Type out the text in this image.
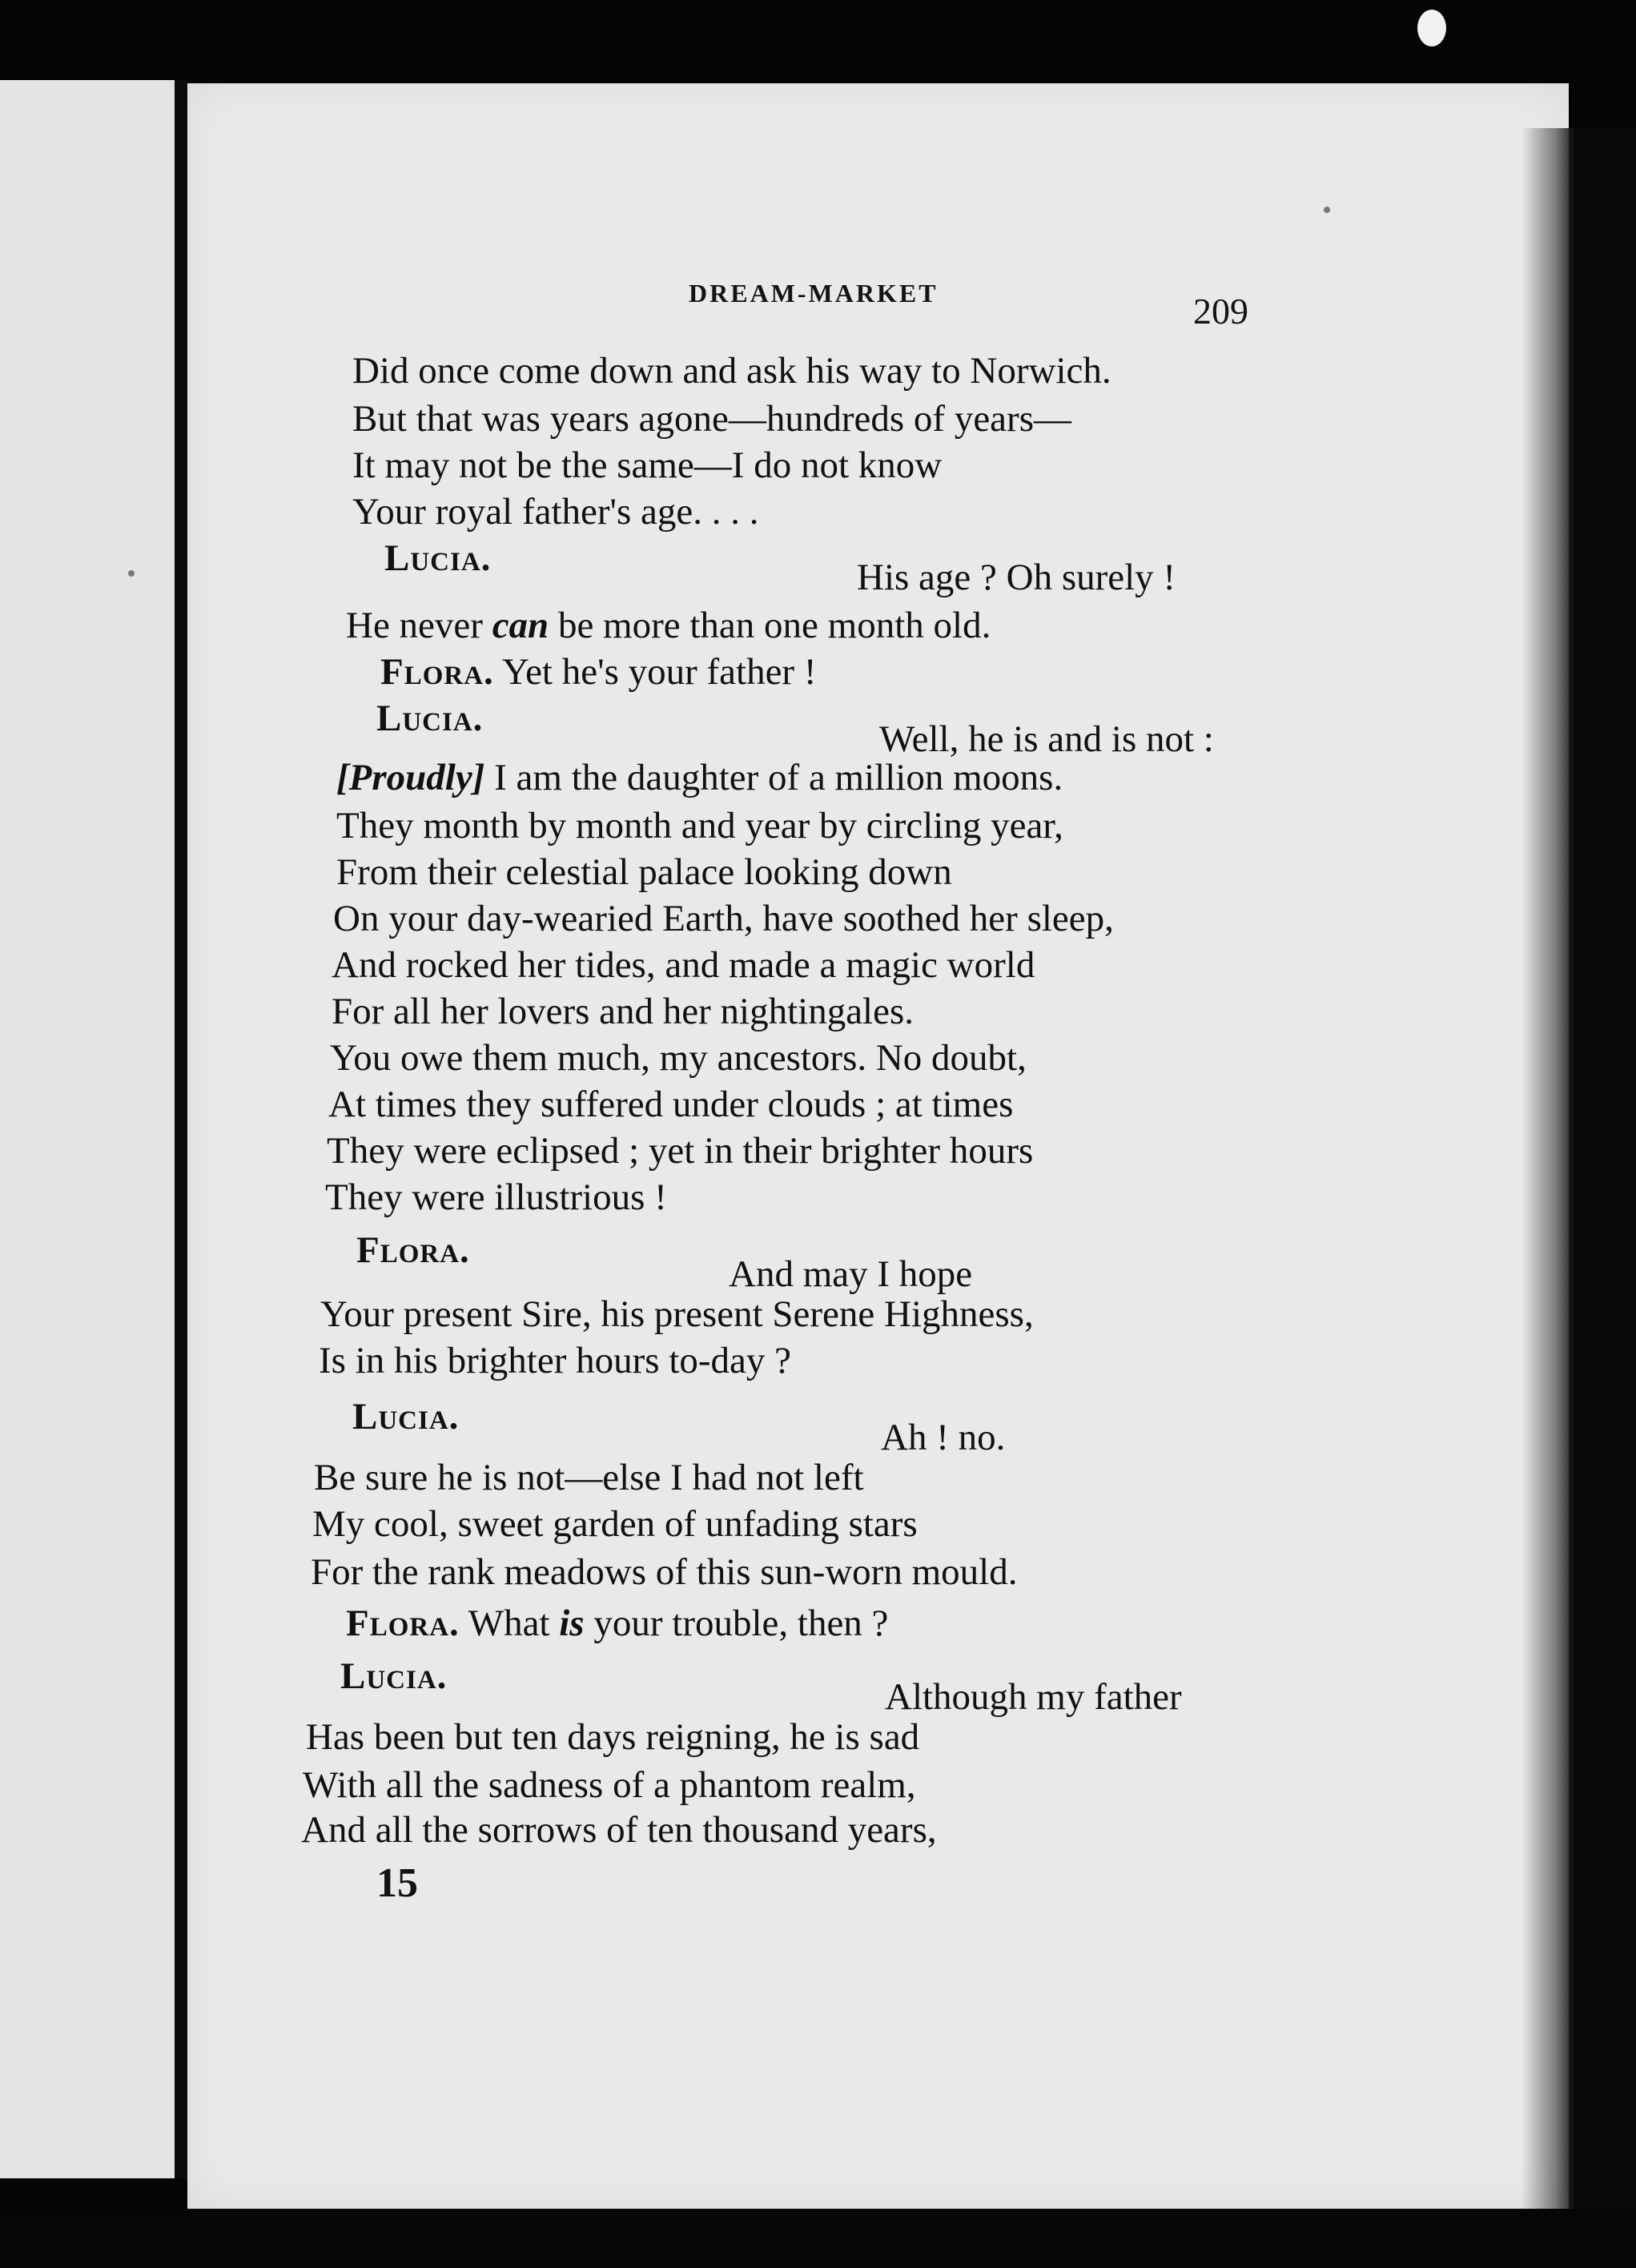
DREAM-MARKET	209
Did once come down and ask his way to Norwich.
But that was years agone—hundreds of years—
It may not be the same—I do not know
Your royal father's age. . . .
Lucia.	His age ? Oh surely !
He never can be more than one month old.
Flora. Yet he's your father !
Lucia.	Well, he is and is not :
[Proudly] I am the daughter of a million moons.
They month by month and year by circling year,
From their celestial palace looking down
On your day-wearied Earth, have soothed her sleep,
And rocked her tides, and made a magic world
For all her lovers and her nightingales.
You owe them much, my ancestors. No doubt,
At times they suffered under clouds ; at times
They were eclipsed ; yet in their brighter hours
They were illustrious !
Flora.
And may I hope
Your present Sire, his present Serene Highness,
Is in his brighter hours to-day ?
Lucia.	Ah ! no.
Be sure he is not—else I had not left
My cool, sweet garden of unfading stars
For the rank meadows of this sun-worn mould.
Flora. What is your trouble, then ?
Lucia.	Although my father
Has been but ten days reigning, he is sad
With all the sadness of a phantom realm,
And all the sorrows of ten thousand years,
15
